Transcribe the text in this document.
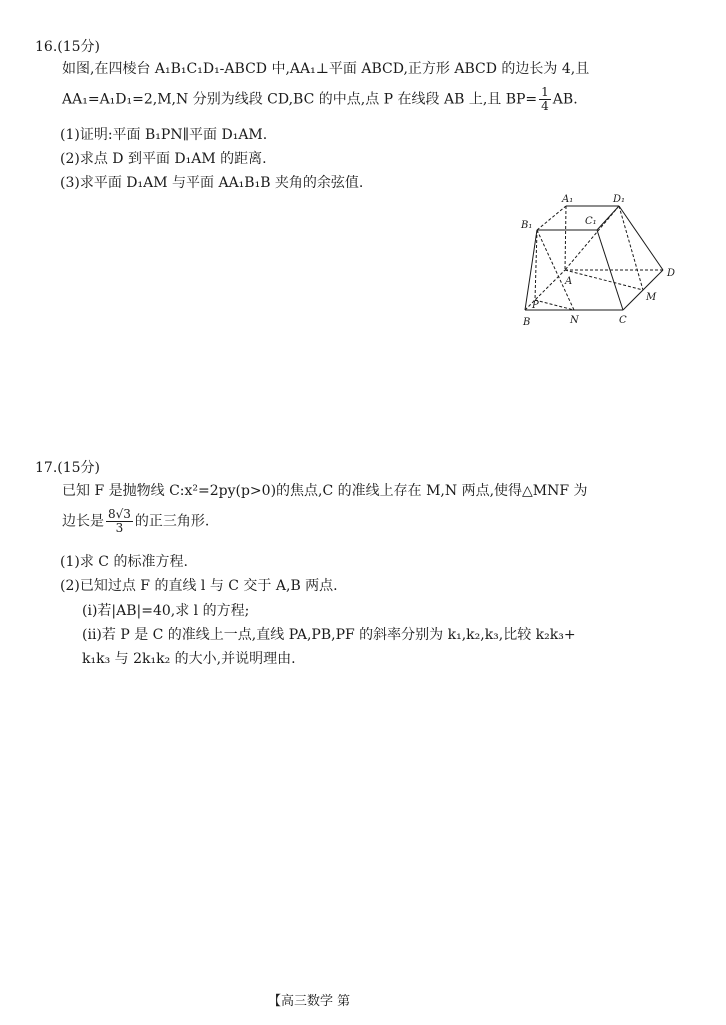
16.(15分)
如图,在四棱台 A₁B₁C₁D₁-ABCD 中,AA₁⊥平面 ABCD,正方形 ABCD 的边长为 4,且
AA₁=A₁D₁=2,M,N 分别为线段 CD,BC 的中点,点 P 在线段 AB 上,且 $BP= \frac{1}{4}$ AB.
(1)证明:平面 B₁PN∥平面 D₁AM.
(2)求点 D 到平面 D₁AM 的距离.
(3)求平面 D₁AM 与平面 AA₁B₁B 夹角的余弦值.
A₁	D₁
B₁	C₁
A
D
M
B	N	C
P
17.(15分)
已知 F 是抛物线 C:x²=2py(p>0)的焦点,C 的准线上存在 M,N 两点,使得△MNF 为
边长是 $\frac{8√3}{3}$ 的正三角形.
(1)求 C 的标准方程.
(2)已知过点 F 的直线 l 与 C 交于 A,B 两点.
(ⅰ)若|AB|=40,求 l 的方程;
(ⅱ)若 P 是 C 的准线上一点,直线 PA,PB,PF 的斜率分别为 k₁,k₂,k₃,比较 k₂k₃+
k₁k₃ 与 2k₁k₂ 的大小,并说明理由.
【高三数学 第
